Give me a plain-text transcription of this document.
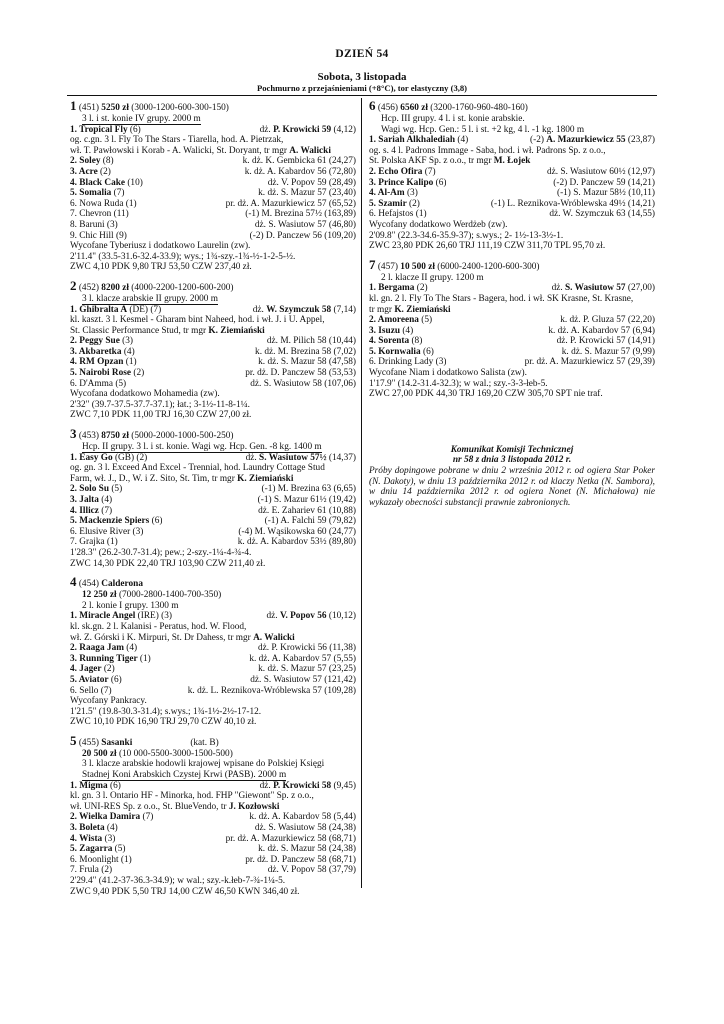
DZIEŃ 54
Sobota, 3 listopada
Pochmurno z przejaśnieniami (+8°C), tor elastyczny (3,8)
1 (451) 5250 zł (3000-1200-600-300-150)
3 l. i st. konie IV grupy. 2000 m
1. Tropical Fly (6)	dż. P. Krowicki 59 (4,12)
og. c.gn. 3 l. Fly To The Stars - Tiarella, hod. A. Pietrzak,
wł. T. Pawłowski i Korab - A. Walicki, St. Doryant, tr mgr A. Walicki
2. Soley (8)	k. dż. K. Gembicka 61 (24,27)
3. Acre (2)	k. dż. A. Kabardov 56 (72,80)
4. Black Cake (10)	dż. V. Popov 59 (28,49)
5. Somalia (7)	k. dż. S. Mazur 57 (23,40)
6. Nowa Ruda (1)	pr. dż. A. Mazurkiewicz 57 (65,52)
7. Chevron (11)	(-1) M. Brezina 57½ (163,89)
8. Baruni (3)	dż. S. Wasiutow 57 (46,80)
9. Chic Hill (9)	(-2) D. Panczew 56 (109,20)
Wycofane Tyberiusz i dodatkowo Laurelin (zw).
2'11.4" (33.5-31.6-32.4-33.9); wys.; 1¾-szy.-1¾-½-1-2-5-½.
ZWC 4,10 PDK 9,80 TRJ 53,50 CZW 237,40 zł.
2 (452) 8200 zł (4000-2200-1200-600-200)
3 l. klacze arabskie II grupy. 2000 m
1. Ghibralta A (DE) (7)	dż. W. Szymczuk 58 (7,14)
kl. kaszt. 3 l. Kesmel - Gharam bint Naheed, hod. i wł. J. i U. Appel,
St. Classic Performance Stud, tr mgr K. Ziemiański
2. Peggy Sue (3)	dż. M. Pilich 58 (10,44)
3. Akbaretka (4)	k. dż. M. Brezina 58 (7,02)
4. RM Opzan (1)	k. dż. S. Mazur 58 (47,58)
5. Nairobi Rose (2)	pr. dż. D. Panczew 58 (53,53)
6. D'Amma (5)	dż. S. Wasiutow 58 (107,06)
Wycofana dodatkowo Mohamedia (zw).
2'32" (39.7-37.5-37.7-37.1); łat.; 3-1½-11-8-1¼.
ZWC 7,10 PDK 11,00 TRJ 16,30 CZW 27,00 zł.
3 (453) 8750 zł (5000-2000-1000-500-250)
Hcp. II grupy. 3 l. i st. konie. Wagi wg. Hcp. Gen. -8 kg. 1400 m
1. Easy Go (GB) (2)	dż. S. Wasiutow 57½ (14,37)
og. gn. 3 l. Exceed And Excel - Trennial, hod. Laundry Cottage Stud
Farm, wł. J., D., W. i Z. Sito, St. Tim, tr mgr K. Ziemiański
2. Solo Su (5)	(-1) M. Brezina 63 (6,65)
3. Jalta (4)	(-1) S. Mazur 61½ (19,42)
4. Illicz (7)	dż. E. Zahariev 61 (10,88)
5. Mackenzie Spiers (6)	(-1) A. Falchi 59 (79,82)
6. Elusive River (3)	(-4) M. Wąsikowska 60 (24,77)
7. Grajka (1)	k. dż. A. Kabardov 53½ (89,80)
1'28.3" (26.2-30.7-31.4); pew.; 2-szy.-1¼-4-¾-4.
ZWC 14,30 PDK 22,40 TRJ 103,90 CZW 211,40 zł.
4 (454) Calderona
12 250 zł (7000-2800-1400-700-350)
2 l. konie I grupy. 1300 m
1. Miracle Angel (IRE) (3)	dż. V. Popov 56 (10,12)
kl. sk.gn. 2 l. Kalanisi - Peratus, hod. W. Flood,
wł. Z. Górski i K. Mirpuri, St. Dr Dahess, tr mgr A. Walicki
2. Raaga Jam (4)	dż. P. Krowicki 56 (11,38)
3. Running Tiger (1)	k. dż. A. Kabardov 57 (5,55)
4. Jager (2)	k. dż. S. Mazur 57 (23,25)
5. Aviator (6)	dż. S. Wasiutow 57 (121,42)
6. Sello (7)	k. dż. L. Reznikova-Wróblewska 57 (109,28)
Wycofany Pankracy.
1'21.5" (19.8-30.3-31.4); s.wys.; 1¾-1½-2½-17-12.
ZWC 10,10 PDK 16,90 TRJ 29,70 CZW 40,10 zł.
5 (455) Sasanki	(kat. B)
20 500 zł (10 000-5500-3000-1500-500)
3 l. klacze arabskie hodowli krajowej wpisane do Polskiej Księgi
Stadnej Koni Arabskich Czystej Krwi (PASB). 2000 m
1. Migma (6)	dż. P. Krowicki 58 (9,45)
kl. gn. 3 l. Ontario HF - Minorka, hod. FHP "Giewont" Sp. z o.o.,
wł. UNI-RES Sp. z o.o., St. BlueVendo, tr J. Kozłowski
2. Wielka Damira (7)	k. dż. A. Kabardov 58 (5,44)
3. Boleta (4)	dż. S. Wasiutow 58 (24,38)
4. Wista (3)	pr. dż. A. Mazurkiewicz 58 (68,71)
5. Zagarra (5)	k. dż. S. Mazur 58 (24,38)
6. Moonlight (1)	pr. dż. D. Panczew 58 (68,71)
7. Frula (2)	dż. V. Popov 58 (37,79)
2'29.4" (41.2-37-36.3-34.9); w wal.; szy.-k.łeb-7-¾-1¼-5.
ZWC 9,40 PDK 5,50 TRJ 14,00 CZW 46,50 KWN 346,40 zł.
6 (456) 6560 zł (3200-1760-960-480-160)
Hcp. III grupy. 4 l. i st. konie arabskie.
Wagi wg. Hcp. Gen.: 5 l. i st. +2 kg, 4 l. -1 kg. 1800 m
1. Sariah Alkhalediah (4)	(-2) A. Mazurkiewicz 55 (23,87)
og. s. 4 l. Padrons Immage - Saba, hod. i wł. Padrons Sp. z o.o.,
St. Polska AKF Sp. z o.o., tr mgr M. Łojek
2. Echo Ofira (7)	dż. S. Wasiutow 60½ (12,97)
3. Prince Kalipo (6)	(-2) D. Panczew 59 (14,21)
4. Al-Am (3)	(-1) S. Mazur 58½ (10,11)
5. Szamir (2)	(-1) L. Reznikova-Wróblewska 49½ (14,21)
6. Hefajstos (1)	dż. W. Szymczuk 63 (14,55)
Wycofany dodatkowo Werdżeb (zw).
2'09.8" (22.3-34.6-35.9-37); s.wys.; 2- 1½-13-3½-1.
ZWC 23,80 PDK 26,60 TRJ 111,19 CZW 311,70 TPL 95,70 zł.
7 (457) 10 500 zł (6000-2400-1200-600-300)
2 l. klacze II grupy. 1200 m
1. Bergama (2)	dż. S. Wasiutow 57 (27,00)
kl. gn. 2 l. Fly To The Stars - Bagera, hod. i wł. SK Krasne, St. Krasne,
tr mgr K. Ziemiański
2. Amoreena (5)	k. dż. P. Gluza 57 (22,20)
3. Isuzu (4)	k. dż. A. Kabardov 57 (6,94)
4. Sorenta (8)	dż. P. Krowicki 57 (14,91)
5. Kornwalia (6)	k. dż. S. Mazur 57 (9,99)
6. Drinking Lady (3)	pr. dż. A. Mazurkiewicz 57 (29,39)
Wycofane Niam i dodatkowo Salista (zw).
1'17.9" (14.2-31.4-32.3); w wal.; szy.-3-3-łeb-5.
ZWC 27,00 PDK 44,30 TRJ 169,20 CZW 305,70 SPT nie traf.
Komunikat Komisji Technicznej
nr 58 z dnia 3 listopada 2012 r.
Próby dopingowe pobrane w dniu 2 września 2012 r. od ogiera Star Poker (N. Dakoty), w dniu 13 października 2012 r. od klaczy Netka (N. Sambora), w dniu 14 października 2012 r. od ogiera Nonet (N. Michałowa) nie wykazały obecności substancji prawnie zabronionych.
